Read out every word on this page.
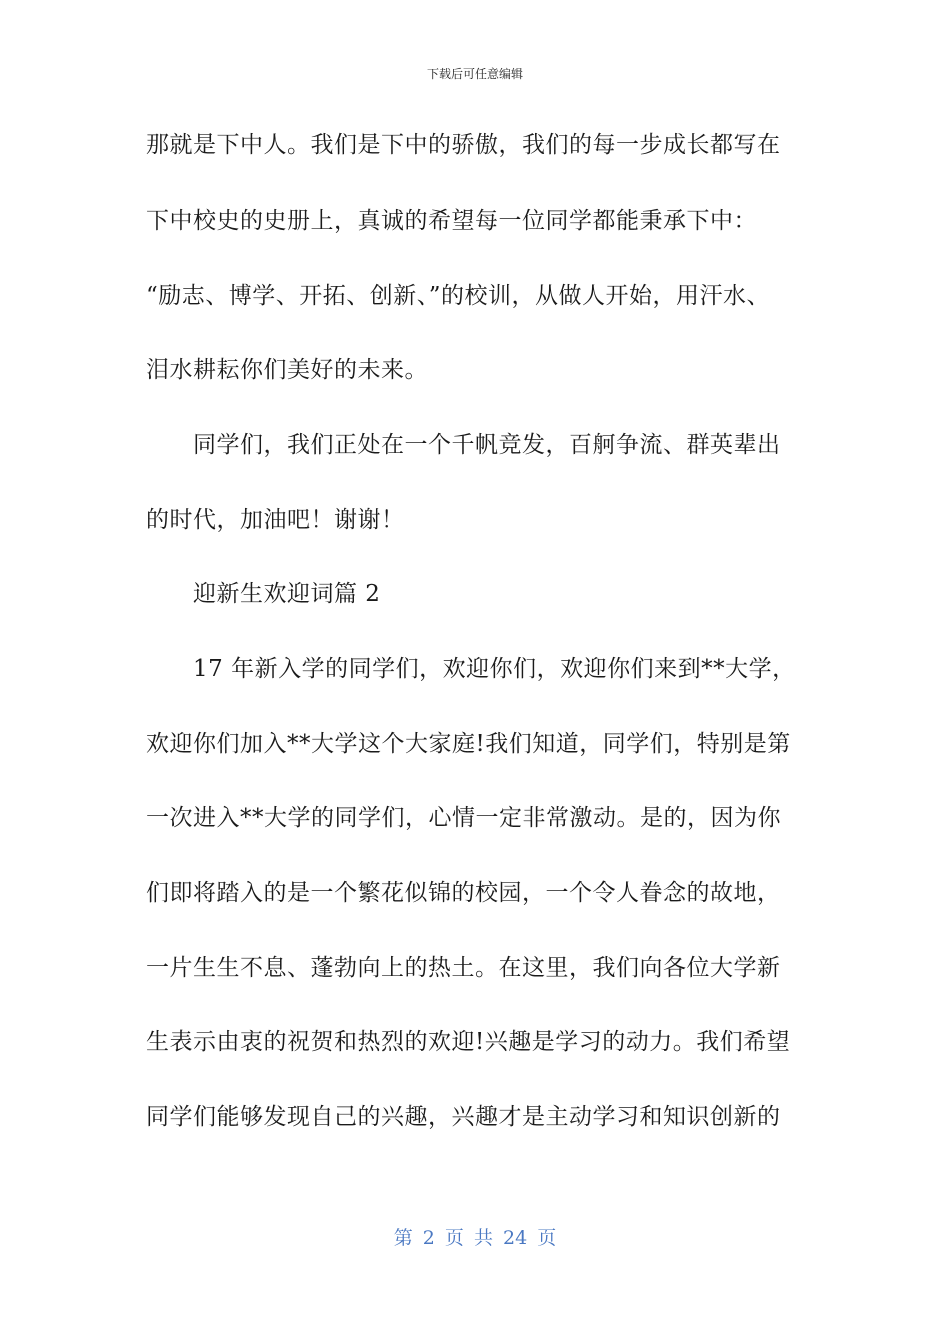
下载后可任意编辑
那就是下中人。我们是下中的骄傲，我们的每一步成长都写在
下中校史的史册上，真诚的希望每一位同学都能秉承下中：
“励志、博学、开拓、创新、”的校训，从做人开始，用汗水、
泪水耕耘你们美好的未来。
同学们，我们正处在一个千帆竞发，百舸争流、群英辈出
的时代，加油吧！谢谢！
迎新生欢迎词篇 2
17 年新入学的同学们，欢迎你们，欢迎你们来到**大学，
欢迎你们加入**大学这个大家庭!我们知道，同学们，特别是第
一次进入**大学的同学们，心情一定非常激动。是的，因为你
们即将踏入的是一个繁花似锦的校园，一个令人眷念的故地，
一片生生不息、蓬勃向上的热土。在这里，我们向各位大学新
生表示由衷的祝贺和热烈的欢迎!兴趣是学习的动力。我们希望
同学们能够发现自己的兴趣，兴趣才是主动学习和知识创新的
第 2 页 共 24 页
